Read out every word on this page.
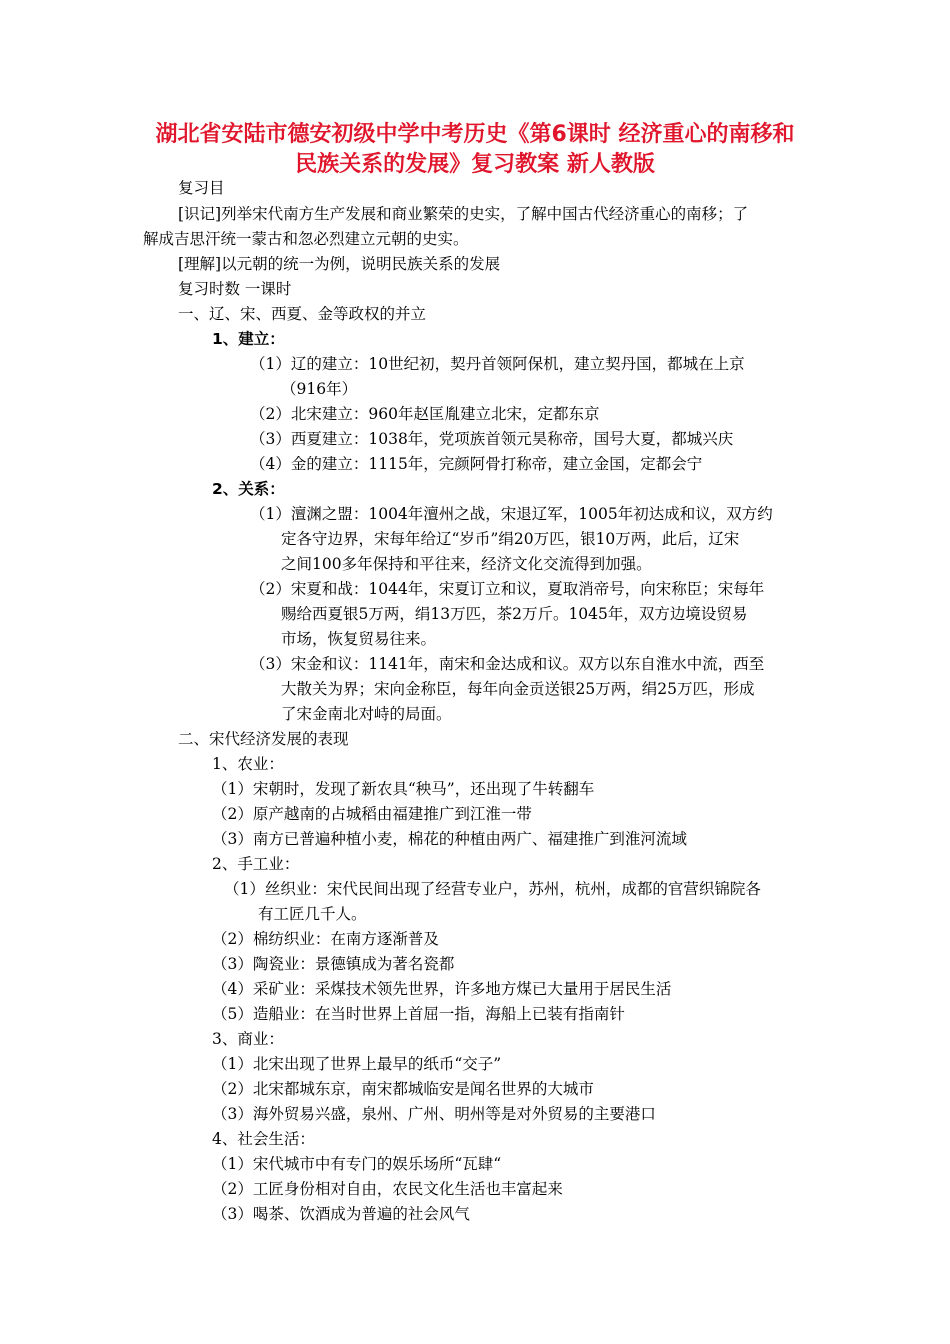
湖北省安陆市德安初级中学中考历史《第6课时 经济重心的南移和
民族关系的发展》复习教案 新人教版
复习目
[识记]列举宋代南方生产发展和商业繁荣的史实，了解中国古代经济重心的南移；了
解成吉思汗统一蒙古和忽必烈建立元朝的史实。
[理解]以元朝的统一为例，说明民族关系的发展
复习时数 一课时
一、辽、宋、西夏、金等政权的并立
1、建立：
（1）辽的建立：10世纪初，契丹首领阿保机，建立契丹国，都城在上京
（916年）
（2）北宋建立：960年赵匡胤建立北宋，定都东京
（3）西夏建立：1038年，党项族首领元昊称帝，国号大夏，都城兴庆
（4）金的建立：1115年，完颜阿骨打称帝，建立金国，定都会宁
2、关系：
（1）澶渊之盟：1004年澶州之战，宋退辽军，1005年初达成和议，双方约
定各守边界，宋每年给辽“岁币”绢20万匹，银10万两，此后，辽宋
之间100多年保持和平往来，经济文化交流得到加强。
（2）宋夏和战：1044年，宋夏订立和议，夏取消帝号，向宋称臣；宋每年
赐给西夏银5万两，绢13万匹，茶2万斤。1045年，双方边境设贸易
市场，恢复贸易往来。
（3）宋金和议：1141年，南宋和金达成和议。双方以东自淮水中流，西至
大散关为界；宋向金称臣，每年向金贡送银25万两，绢25万匹，形成
了宋金南北对峙的局面。
二、宋代经济发展的表现
1、农业：
（1）宋朝时，发现了新农具“秧马”，还出现了牛转翻车
（2）原产越南的占城稻由福建推广到江淮一带
（3）南方已普遍种植小麦，棉花的种植由两广、福建推广到淮河流域
2、手工业：
（1）丝织业：宋代民间出现了经营专业户，苏州，杭州，成都的官营织锦院各
有工匠几千人。
（2）棉纺织业：在南方逐渐普及
（3）陶瓷业：景德镇成为著名瓷都
（4）采矿业：采煤技术领先世界，许多地方煤已大量用于居民生活
（5）造船业：在当时世界上首屈一指，海船上已装有指南针
3、商业：
（1）北宋出现了世界上最早的纸币“交子”
（2）北宋都城东京，南宋都城临安是闻名世界的大城市
（3）海外贸易兴盛，泉州、广州、明州等是对外贸易的主要港口
4、社会生活：
（1）宋代城市中有专门的娱乐场所“瓦肆“
（2）工匠身份相对自由，农民文化生活也丰富起来
（3）喝茶、饮酒成为普遍的社会风气
